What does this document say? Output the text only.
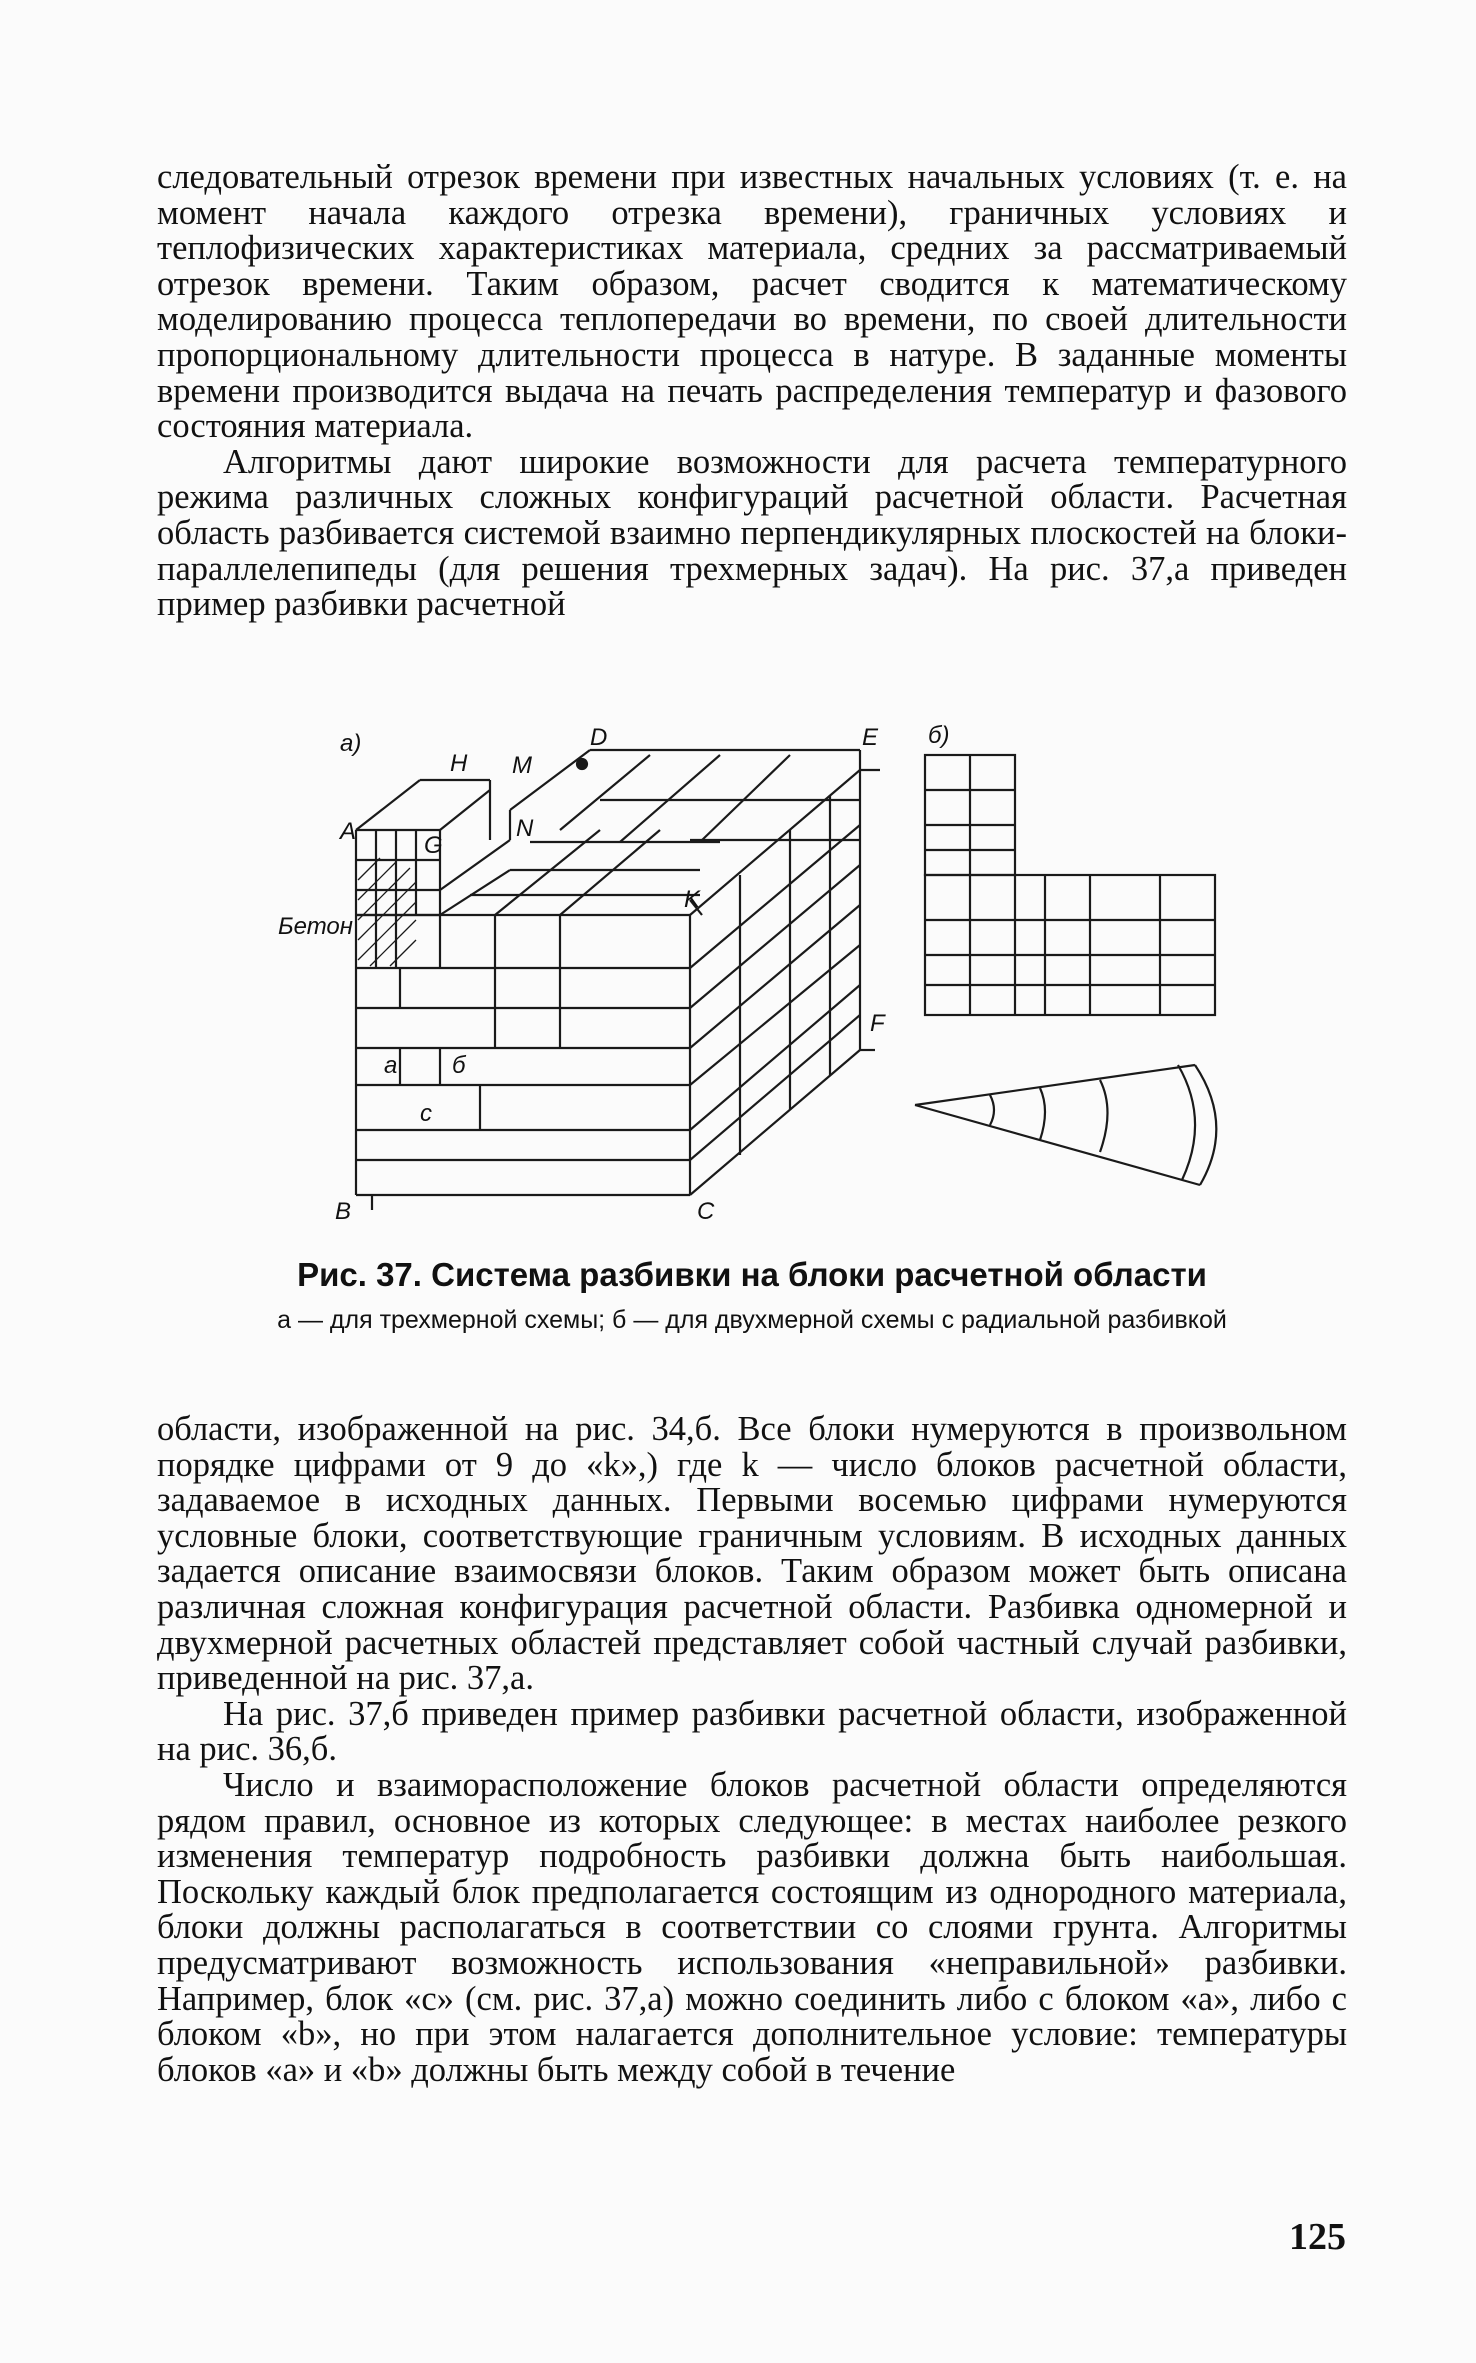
следовательный отрезок времени при известных начальных условиях (т. е. на момент начала каждого отрезка времени), граничных условиях и теплофизических характеристиках материала, средних за рассматриваемый отрезок времени. Таким образом, расчет сводится к математическому моделированию процесса теплопередачи во времени, по своей длительности пропорциональному длительности процесса в натуре. В заданные моменты времени производится выдача на печать распределения температур и фазового состояния материала.

Алгоритмы дают широкие возможности для расчета температурного режима различных сложных конфигураций расчетной области. Расчетная область разбивается системой взаимно перпендикулярных плоскостей на блоки-параллелепипеды (для решения трехмерных задач). На рис. 37,а приведен пример разбивки расчетной

а)	б)
A
B	C
D	E
F
G
H
K
M
N
Бетон
а б
с
Рис. 37. Система разбивки на блоки расчетной области
а — для трехмерной схемы; б — для двухмерной схемы с радиальной разбивкой

области, изображенной на рис. 34,б. Все блоки нумеруются в произвольном порядке цифрами от 9 до «k»,) где k — число блоков расчетной области, задаваемое в исходных данных. Первыми восемью цифрами нумеруются условные блоки, соответствующие граничным условиям. В исходных данных задается описание взаимосвязи блоков. Таким образом может быть описана различная сложная конфигурация расчетной области. Разбивка одномерной и двухмерной расчетных областей представляет собой частный случай разбивки, приведенной на рис. 37,а.

На рис. 37,б приведен пример разбивки расчетной области, изображенной на рис. 36,б.

Число и взаиморасположение блоков расчетной области определяются рядом правил, основное из которых следующее: в местах наиболее резкого изменения температур подробность разбивки должна быть наибольшая. Поскольку каждый блок предполагается состоящим из однородного материала, блоки должны располагаться в соответствии со слоями грунта. Алгоритмы предусматривают возможность использования «неправильной» разбивки. Например, блок «с» (см. рис. 37,а) можно соединить либо с блоком «а», либо с блоком «b», но при этом налагается дополнительное условие: температуры блоков «а» и «b» должны быть между собой в течение

125
